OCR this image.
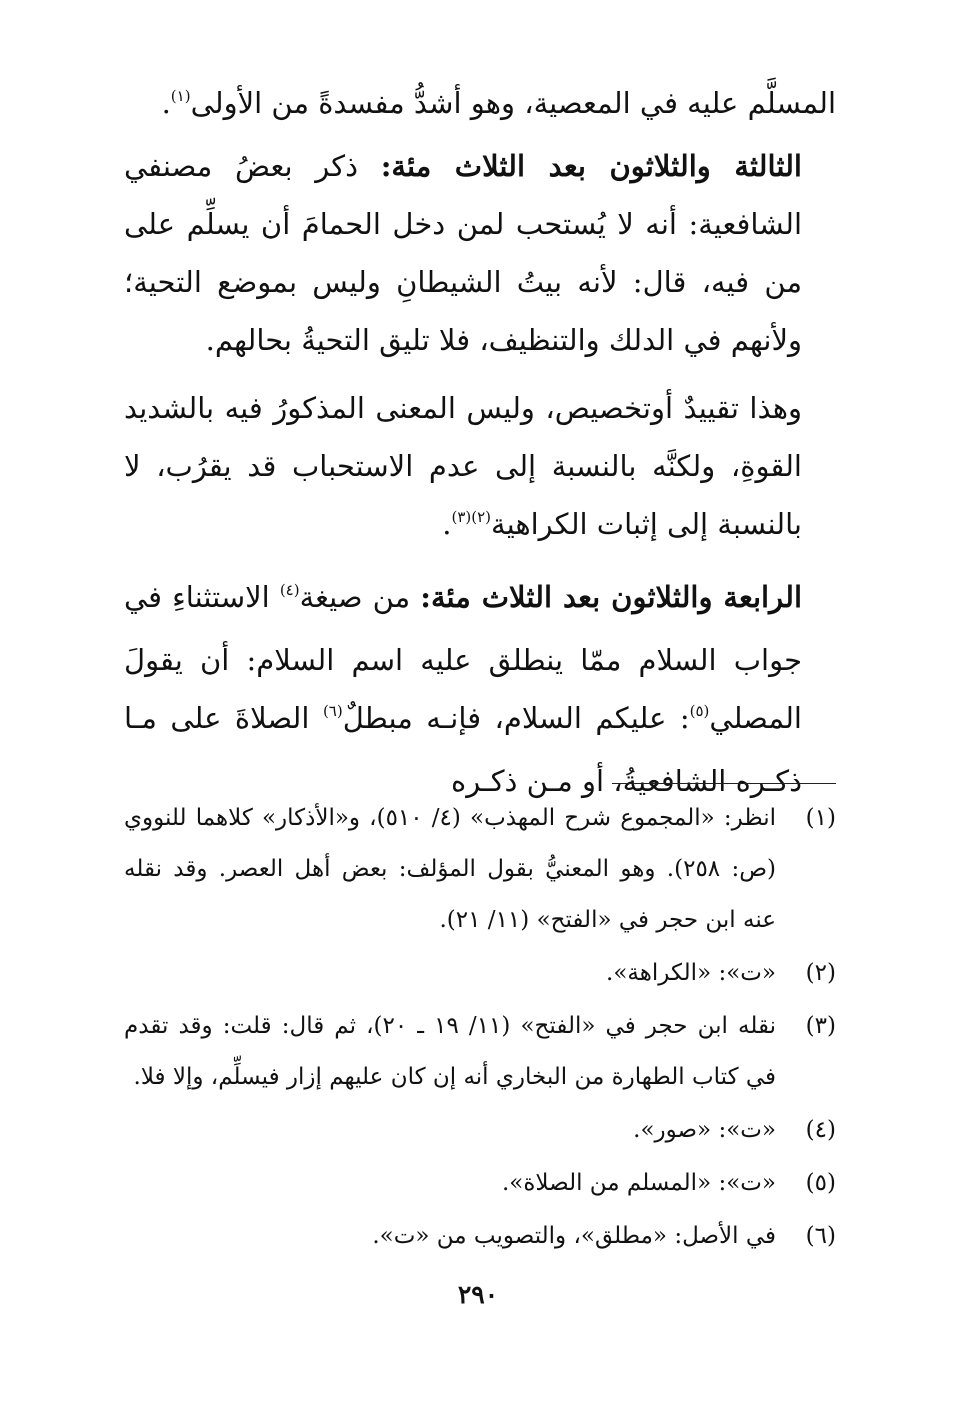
المسلَّم عليه في المعصية، وهو أشدُّ مفسدةً من الأولى$^{(١)}$.

الثالثة والثلاثون بعد الثلاث مئة: ذكر بعضُ مصنفي الشافعية: أنه لا يُستحب لمن دخل الحمامَ أن يسلِّم على من فيه، قال: لأنه بيتُ الشيطانِ وليس بموضع التحية؛ ولأنهم في الدلك والتنظيف، فلا تليق التحيةُ بحالهم.

وهذا تقييدٌ أوتخصيص، وليس المعنى المذكورُ فيه بالشديد القوةِ، ولكنَّه بالنسبة إلى عدم الاستحباب قد يقرُب، لا بالنسبة إلى إثبات الكراهية$^{(٢)(٣)}$.

الرابعة والثلاثون بعد الثلاث مئة: من صيغة$^{(٤)}$ الاستثناءِ في جواب السلام ممّا ينطلق عليه اسم السلام: أن يقولَ المصلي$^{(٥)}$: عليكم السلام، فإنـه مبطلٌ$^{(٦)}$ الصلاةَ على مـا ذكـره الشافعيةُ، أو مـن ذكـره

(١)
انظر: «المجموع شرح المهذب» (٤/ ٥١٠)، و«الأذكار» كلاهما للنووي (ص: ٢٥٨). وهو المعنيُّ بقول المؤلف: بعض أهل العصر. وقد نقله عنه ابن حجر في «الفتح» (١١/ ٢١).
(٢)
«ت»: «الكراهة».
(٣)
نقله ابن حجر في «الفتح» (١١/ ١٩ ـ ٢٠)، ثم قال: قلت: وقد تقدم في كتاب الطهارة من البخاري أنه إن كان عليهم إزار فيسلِّم، وإلا فلا.
(٤)
«ت»: «صور».
(٥)
«ت»: «المسلم من الصلاة».
(٦)
في الأصل: «مطلق»، والتصويب من «ت».
٢٩٠
